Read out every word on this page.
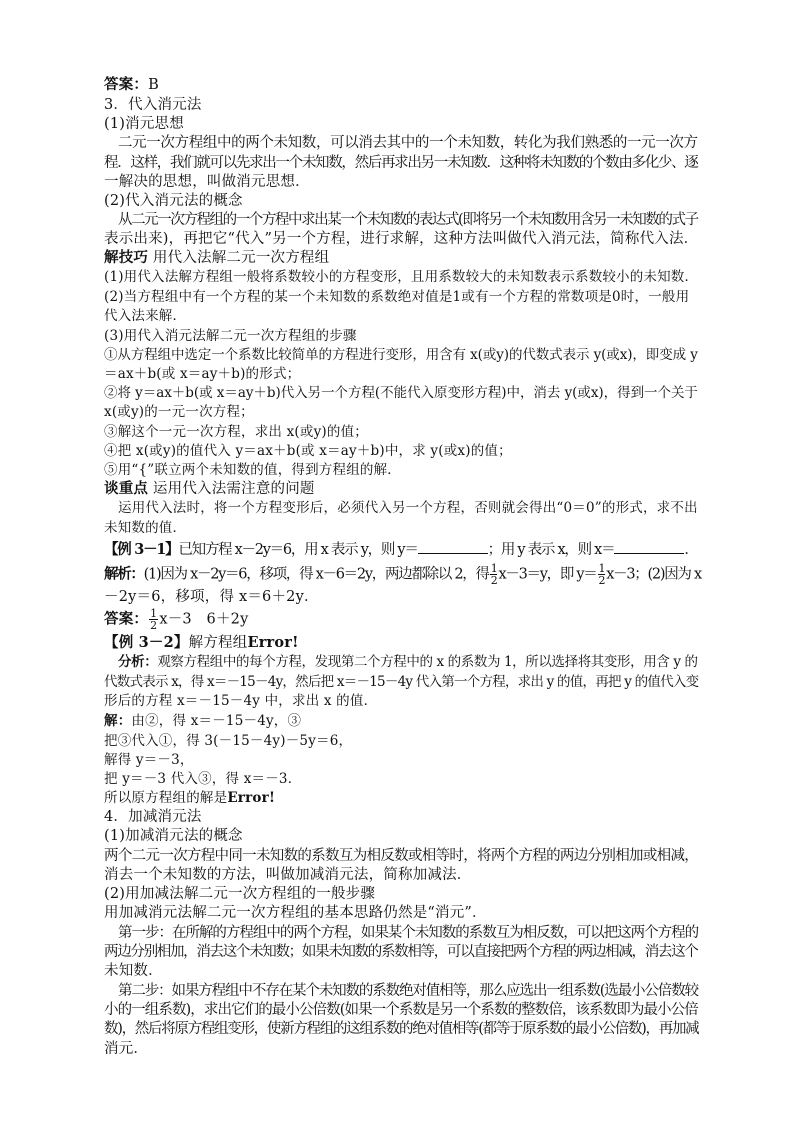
答案：B
3．代入消元法
(1)消元思想
二元一次方程组中的两个未知数，可以消去其中的一个未知数，转化为我们熟悉的一元一次方
程．这样，我们就可以先求出一个未知数，然后再求出另一未知数．这种将未知数的个数由多化少、逐
一解决的思想，叫做消元思想．
(2)代入消元法的概念
从二元一次方程组的一个方程中求出某一个未知数的表达式(即将另一个未知数用含另一未知数的式子
表示出来)，再把它“代入”另一个方程，进行求解，这种方法叫做代入消元法，简称代入法．
解技巧 用代入法解二元一次方程组
(1)用代入法解方程组一般将系数较小的方程变形，且用系数较大的未知数表示系数较小的未知数．
(2)当方程组中有一个方程的某一个未知数的系数绝对值是1或有一个方程的常数项是0时，一般用
代入法来解．
(3)用代入消元法解二元一次方程组的步骤
①从方程组中选定一个系数比较简单的方程进行变形，用含有 x(或y)的代数式表示 y(或x)，即变成 y
＝ax＋b(或 x＝ay＋b)的形式；
②将 y＝ax＋b(或 x＝ay＋b)代入另一个方程(不能代入原变形方程)中，消去 y(或x)，得到一个关于
x(或y)的一元一次方程；
③解这个一元一次方程，求出 x(或y)的值；
④把 x(或y)的值代入 y＝ax＋b(或 x＝ay＋b)中，求 y(或x)的值；
⑤用“{”联立两个未知数的值，得到方程组的解．
谈重点 运用代入法需注意的问题
运用代入法时，将一个方程变形后，必须代入另一个方程，否则就会得出“0＝0”的形式，求不出
未知数的值．
【例 3－1】已知方程 x－2y＝6，用 x 表示 y，则 y＝	；用 y 表示 x，则 x＝	．
解析：(1)因为 x－2y＝6，移项，得 x－6＝2y，两边都除以 2，得 $\frac{1}{2} x-3=y$，即 $y= \frac{1}{2} x-3$；(2)因为 x
－2y＝6，移项，得 x＝6＋2y．
答案： $\frac{1}{2} x-3$　6＋2y
【例 3－2】解方程组Error!
分析：观察方程组中的每个方程，发现第二个方程中的 x 的系数为 1，所以选择将其变形，用含 y 的
代数式表示 x，得 x＝－15－4y，然后把 x＝－15－4y 代入第一个方程，求出 y 的值，再把 y 的值代入变
形后的方程 x＝－15－4y 中，求出 x 的值．
解：由②，得 x＝－15－4y，③
把③代入①，得 3(－15－4y)－5y＝6，
解得 y＝－3，
把 y＝－3 代入③，得 x＝－3．
所以原方程组的解是Error!
4．加减消元法
(1)加减消元法的概念
两个二元一次方程中同一未知数的系数互为相反数或相等时，将两个方程的两边分别相加或相减，
消去一个未知数的方法，叫做加减消元法，简称加减法．
(2)用加减法解二元一次方程组的一般步骤
用加减消元法解二元一次方程组的基本思路仍然是“消元”．
第一步：在所解的方程组中的两个方程，如果某个未知数的系数互为相反数，可以把这两个方程的
两边分别相加，消去这个未知数；如果未知数的系数相等，可以直接把两个方程的两边相减，消去这个
未知数．
第二步：如果方程组中不存在某个未知数的系数绝对值相等，那么应选出一组系数(选最小公倍数较
小的一组系数)，求出它们的最小公倍数(如果一个系数是另一个系数的整数倍，该系数即为最小公倍
数)，然后将原方程组变形，使新方程组的这组系数的绝对值相等(都等于原系数的最小公倍数)，再加减
消元．
